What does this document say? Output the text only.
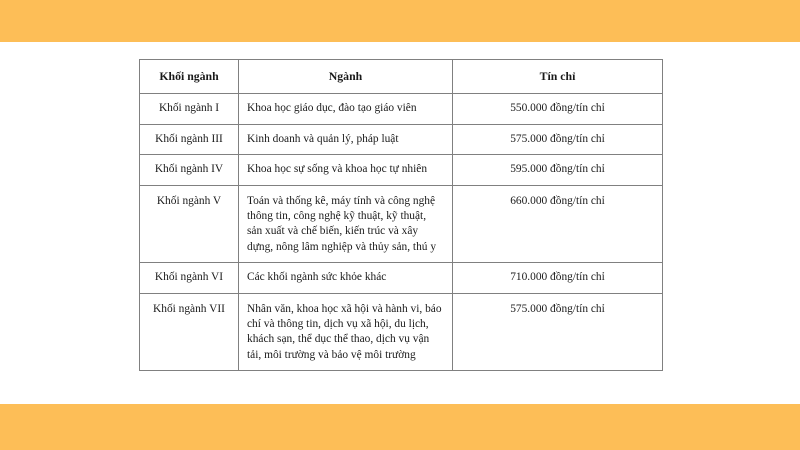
Khối ngành	Ngành	Tín chỉ

Khối ngành I	Khoa học giáo dục, đào tạo giáo viên	550.000 đồng/tín chỉ

Khối ngành III	Kinh doanh và quản lý, pháp luật	575.000 đồng/tín chỉ

Khối ngành IV	Khoa học sự sống và khoa học tự nhiên	595.000 đồng/tín chỉ

Khối ngành V	Toán và thống kê, máy tính và công nghệ thông tin, công nghệ kỹ thuật, kỹ thuật, sản xuất và chế biến, kiến trúc và xây dựng, nông lâm nghiệp và thủy sản, thú y	660.000 đồng/tín chỉ

Khối ngành VI	Các khối ngành sức khỏe khác	710.000 đồng/tín chỉ

Khối ngành VII	Nhân văn, khoa học xã hội và hành vi, báo chí và thông tin, dịch vụ xã hội, du lịch, khách sạn, thể dục thể thao, dịch vụ vận tải, môi trường và bảo vệ môi trường	575.000 đồng/tín chỉ
